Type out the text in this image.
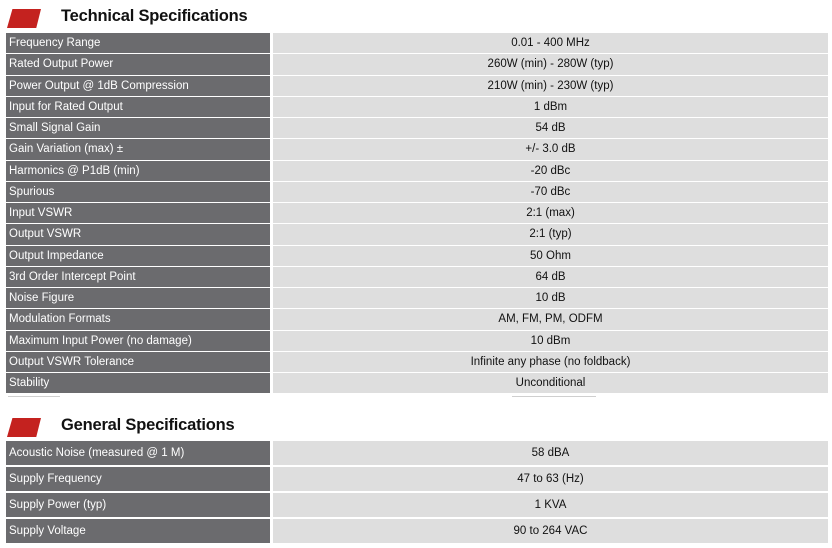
Technical Specifications
Frequency Range	0.01 - 400 MHz
Rated Output Power	260W (min) - 280W (typ)
Power Output @ 1dB Compression	210W (min) - 230W (typ)
Input for Rated Output	1 dBm
Small Signal Gain	54 dB
Gain Variation (max) ±	+/- 3.0 dB
Harmonics @ P1dB (min)	-20 dBc
Spurious	-70 dBc
Input VSWR	2:1 (max)
Output VSWR	2:1 (typ)
Output Impedance	50 Ohm
3rd Order Intercept Point	64 dB
Noise Figure	10 dB
Modulation Formats	AM, FM, PM, ODFM
Maximum Input Power (no damage)	10 dBm
Output VSWR Tolerance	Infinite any phase (no foldback)
Stability	Unconditional
General Specifications
Acoustic Noise (measured @ 1 M)	58 dBA
Supply Frequency	47 to 63 (Hz)
Supply Power (typ)	1 KVA
Supply Voltage	90 to 264 VAC
